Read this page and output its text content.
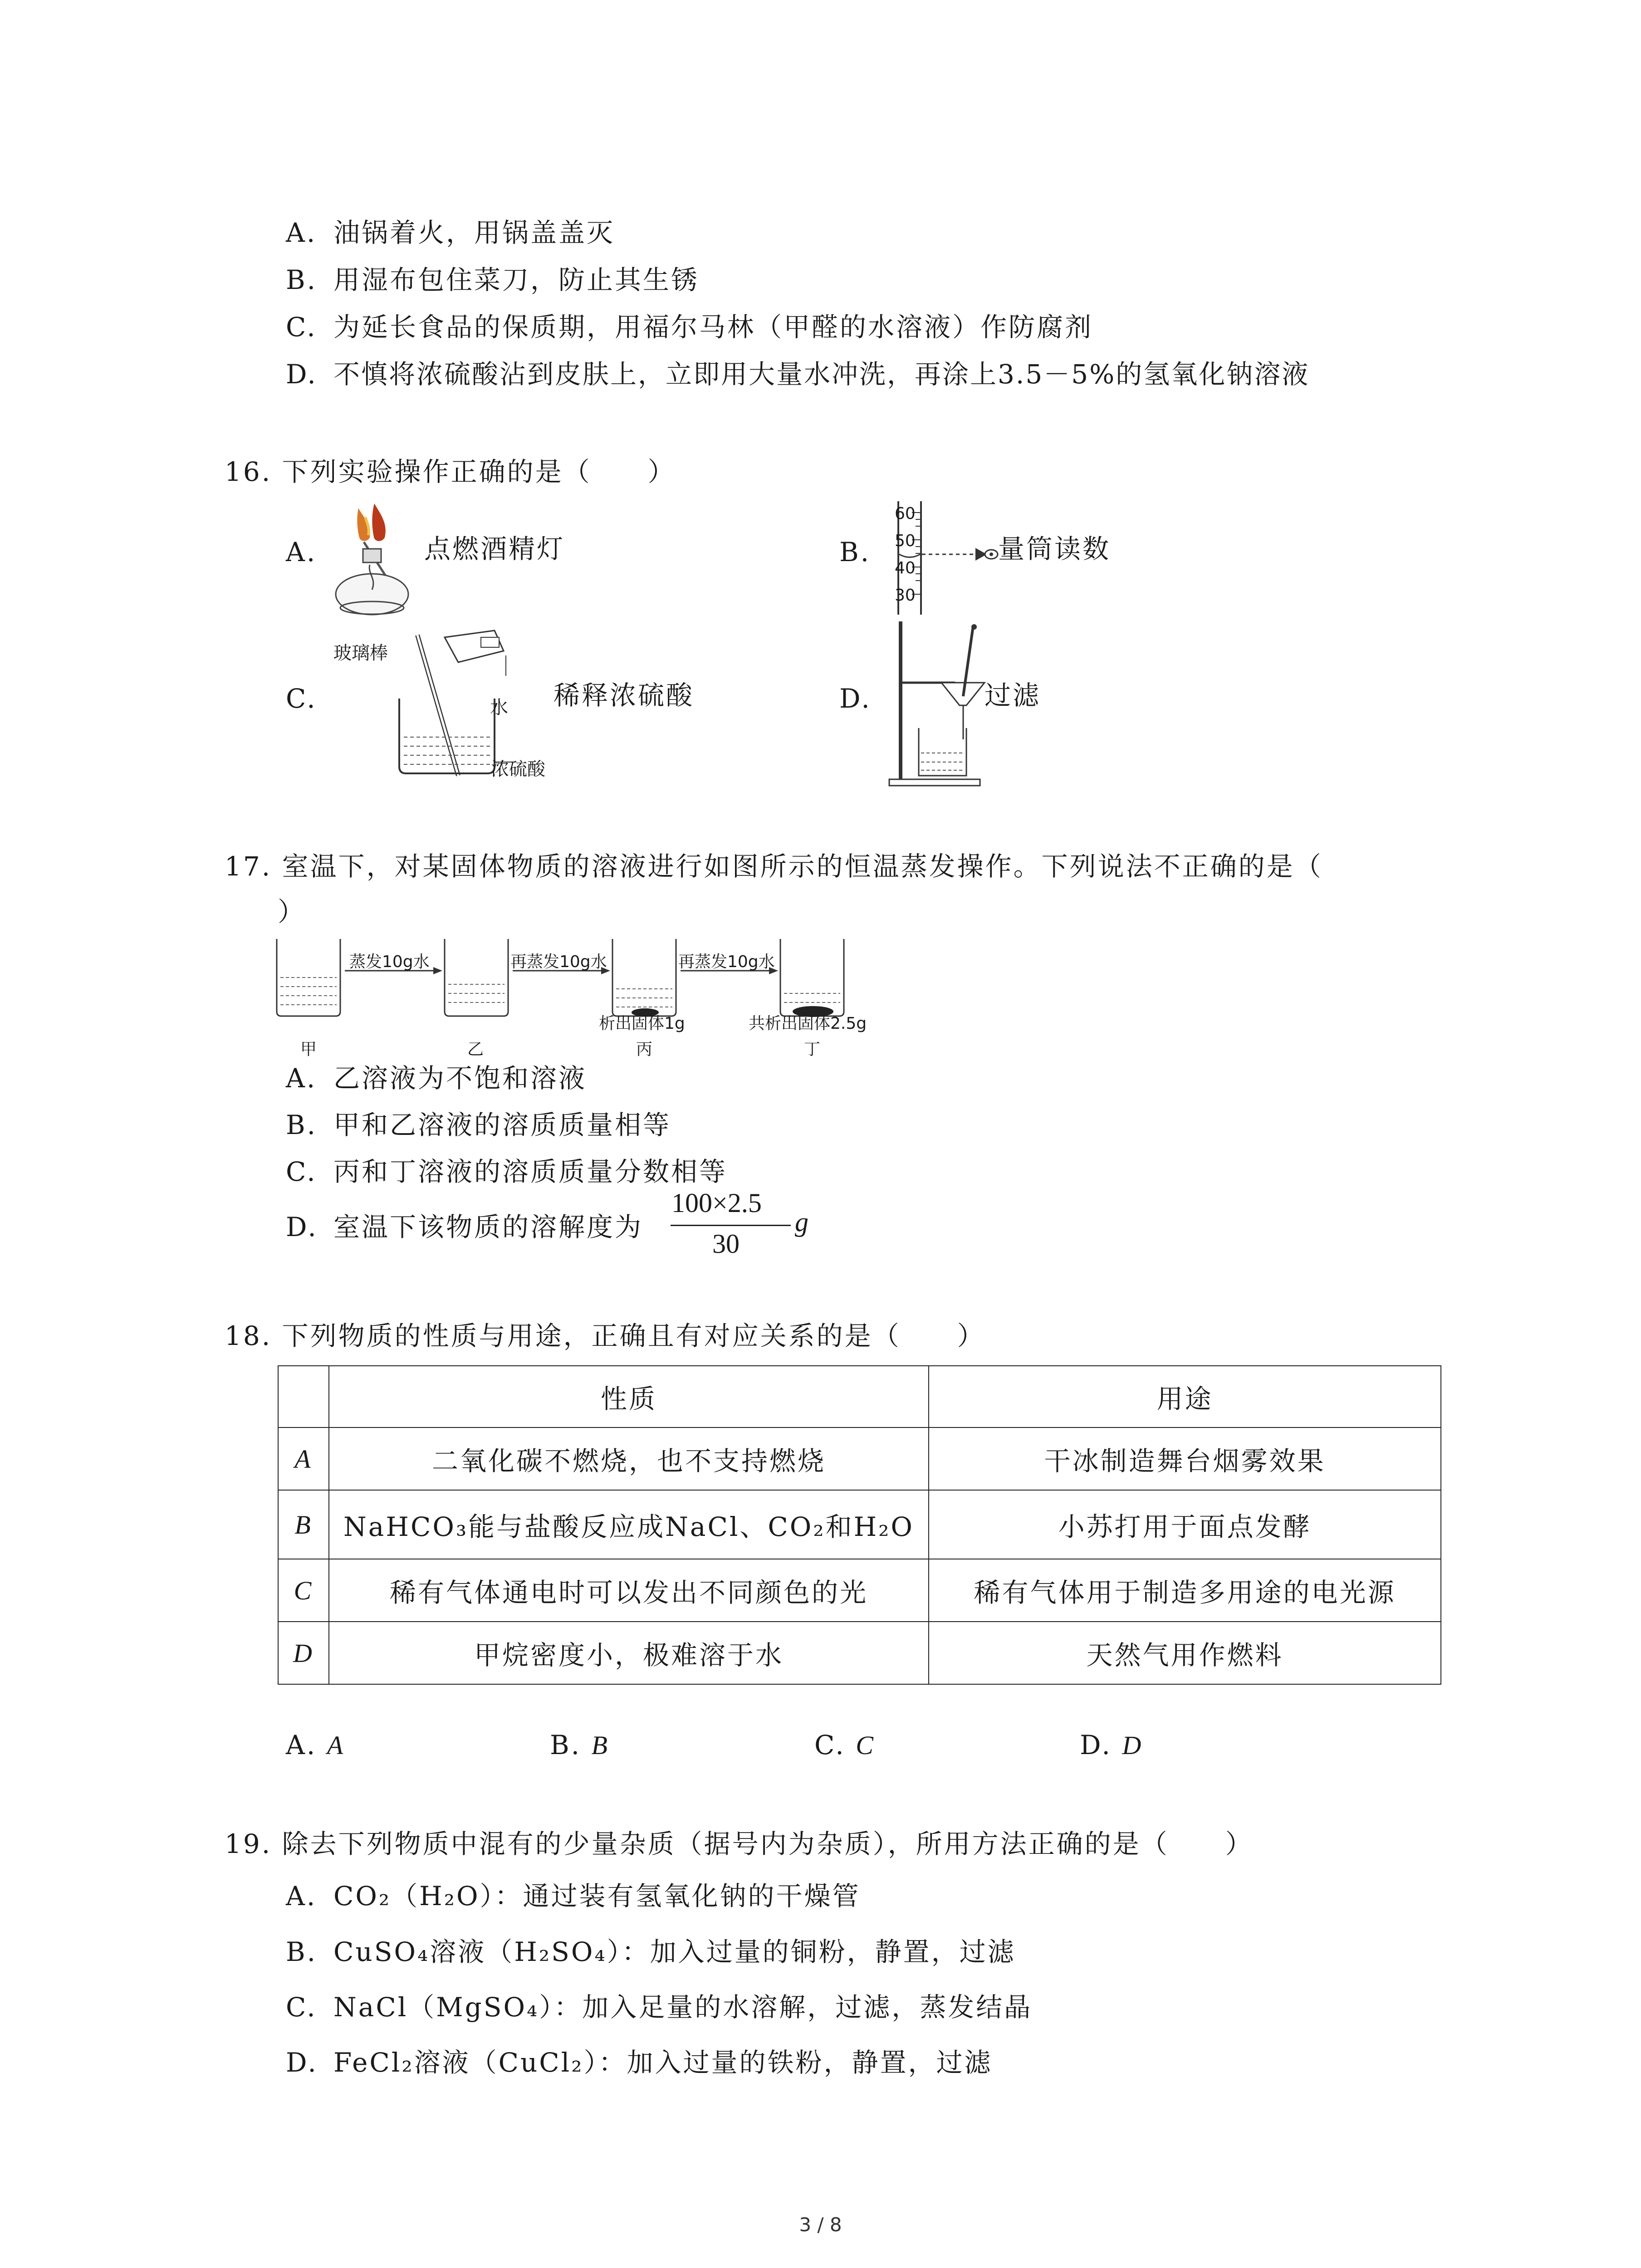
A. 油锅着火，用锅盖盖灭
B. 用湿布包住菜刀，防止其生锈
C. 为延长食品的保质期，用福尔马林（甲醛的水溶液）作防腐剂
D. 不慎将浓硫酸沾到皮肤上，立即用大量水冲洗，再涂上3.5－5%的氢氧化钠溶液
16. 下列实验操作正确的是（　　）
A.	点燃酒精灯	B.
60
50
40
30
量筒读数
C.
玻璃棒
水
浓硫酸
稀释浓硫酸	D.	过滤
17. 室温下，对某固体物质的溶液进行如图所示的恒温蒸发操作。下列说法不正确的是（
）
蒸发10g水	再蒸发10g水	再蒸发10g水
析出固体1g	共析出固体2.5g
甲	乙	丙	丁
A. 乙溶液为不饱和溶液
B. 甲和乙溶液的溶质质量相等
C. 丙和丁溶液的溶质质量分数相等
D. 室温下该物质的溶解度为
100×2.5
30
g
18. 下列物质的性质与用途，正确且有对应关系的是（　　）
	性质	用途
A	二氧化碳不燃烧，也不支持燃烧	干冰制造舞台烟雾效果
B	NaHCO₃能与盐酸反应成NaCl、CO₂和H₂O	小苏打用于面点发酵
C	稀有气体通电时可以发出不同颜色的光	稀有气体用于制造多用途的电光源
D	甲烷密度小，极难溶于水	天然气用作燃料
A. A	B. B	C. C	D. D
19. 除去下列物质中混有的少量杂质（据号内为杂质），所用方法正确的是（　　）
A. CO₂（H₂O）：通过装有氢氧化钠的干燥管
B. CuSO₄溶液（H₂SO₄）：加入过量的铜粉，静置，过滤
C. NaCl（MgSO₄）：加入足量的水溶解，过滤，蒸发结晶
D. FeCl₂溶液（CuCl₂）：加入过量的铁粉，静置，过滤
3 / 8
